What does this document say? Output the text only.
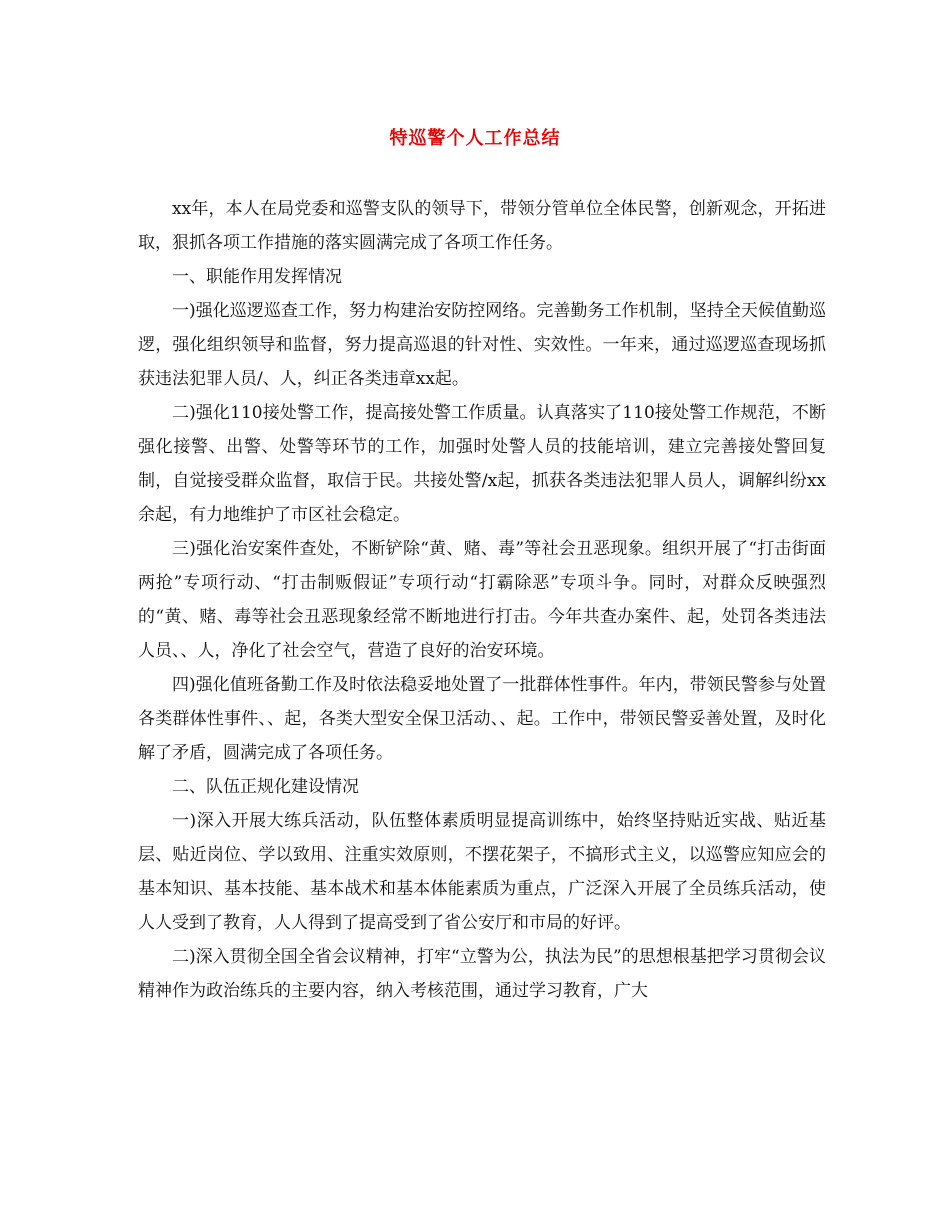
特巡警个人工作总结

xx年，本人在局党委和巡警支队的领导下，带领分管单位全体民警，创新观念，开拓进取，狠抓各项工作措施的落实圆满完成了各项工作任务。

一、职能作用发挥情况

一)强化巡逻巡查工作，努力构建治安防控网络。完善勤务工作机制，坚持全天候值勤巡逻，强化组织领导和监督，努力提高巡退的针对性、实效性。一年来，通过巡逻巡查现场抓获违法犯罪人员/、人，纠正各类违章xx起。

二)强化110接处警工作，提高接处警工作质量。认真落实了110接处警工作规范，不断强化接警、出警、处警等环节的工作，加强时处警人员的技能培训，建立完善接处警回复制，自觉接受群众监督，取信于民。共接处警/x起，抓获各类违法犯罪人员人，调解纠纷xx余起，有力地维护了市区社会稳定。

三)强化治安案件查处，不断铲除“黄、赌、毒”等社会丑恶现象。组织开展了“打击街面两抢”专项行动、“打击制贩假证”专项行动“打霸除恶”专项斗争。同时，对群众反映强烈的“黄、赌、毒等社会丑恶现象经常不断地进行打击。今年共查办案件、起，处罚各类违法人员、、人，净化了社会空气，营造了良好的治安环境。

四)强化值班备勤工作及时依法稳妥地处置了一批群体性事件。年内，带领民警参与处置各类群体性事件、、起，各类大型安全保卫活动、、起。工作中，带领民警妥善处置，及时化解了矛盾，圆满完成了各项任务。

二、队伍正规化建设情况

一)深入开展大练兵活动，队伍整体素质明显提高训练中，始终坚持贴近实战、贴近基层、贴近岗位、学以致用、注重实效原则，不摆花架子，不搞形式主义，以巡警应知应会的基本知识、基本技能、基本战术和基本体能素质为重点，广泛深入开展了全员练兵活动，使人人受到了教育，人人得到了提高受到了省公安厅和市局的好评。

二)深入贯彻全国全省会议精神，打牢“立警为公，执法为民”的思想根基把学习贯彻会议精神作为政治练兵的主要内容，纳入考核范围，通过学习教育，广大
